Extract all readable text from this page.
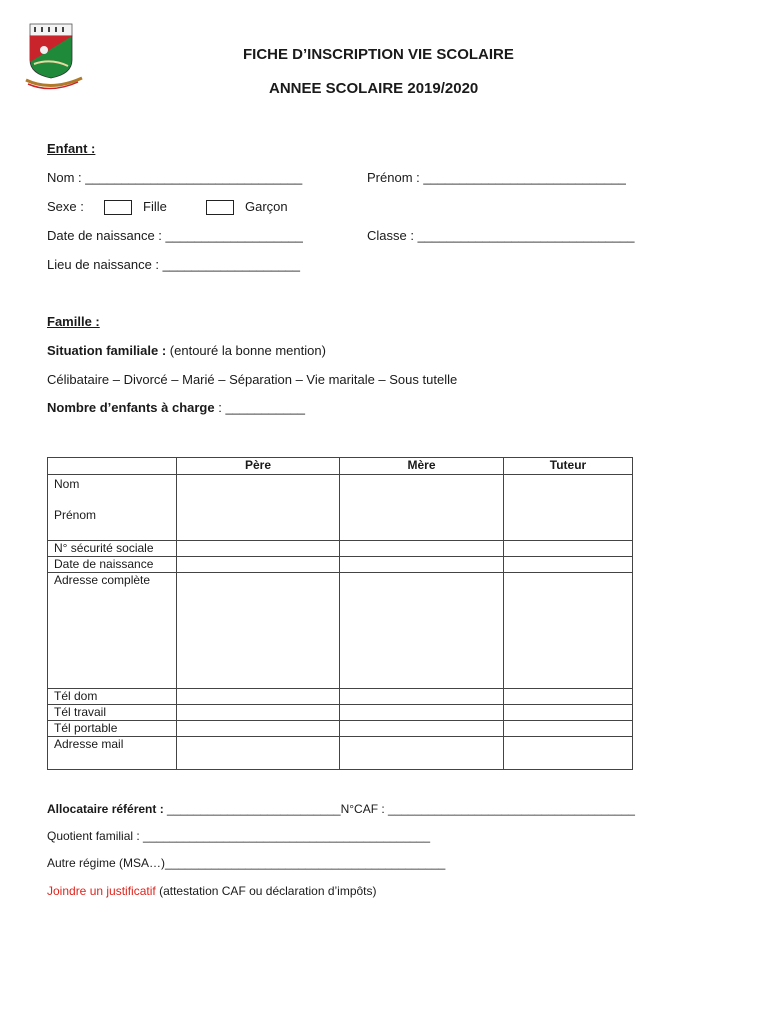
FICHE D’INSCRIPTION VIE SCOLAIRE
ANNEE SCOLAIRE 2019/2020
Enfant :
Nom : ______________________________	Prénom : ____________________________
Sexe :	Fille	Garçon
Date de naissance : ___________________	Classe : ______________________________
Lieu de naissance : ___________________
Famille :
Situation familiale : (entouré la bonne mention)
Célibataire – Divorcé – Marié – Séparation – Vie maritale – Sous tutelle
Nombre d’enfants à charge : ___________
	Père	Mère	Tuteur

Nom
Prénom			

N° sécurité sociale			
Date de naissance			
Adresse complète			
Tél dom			
Tél travail			
Tél portable			
Adresse mail			
Allocataire référent : __________________________N°CAF : _____________________________________
Quotient familial : ___________________________________________
Autre régime (MSA…)__________________________________________
Joindre un justificatif (attestation CAF ou déclaration d’impôts)
